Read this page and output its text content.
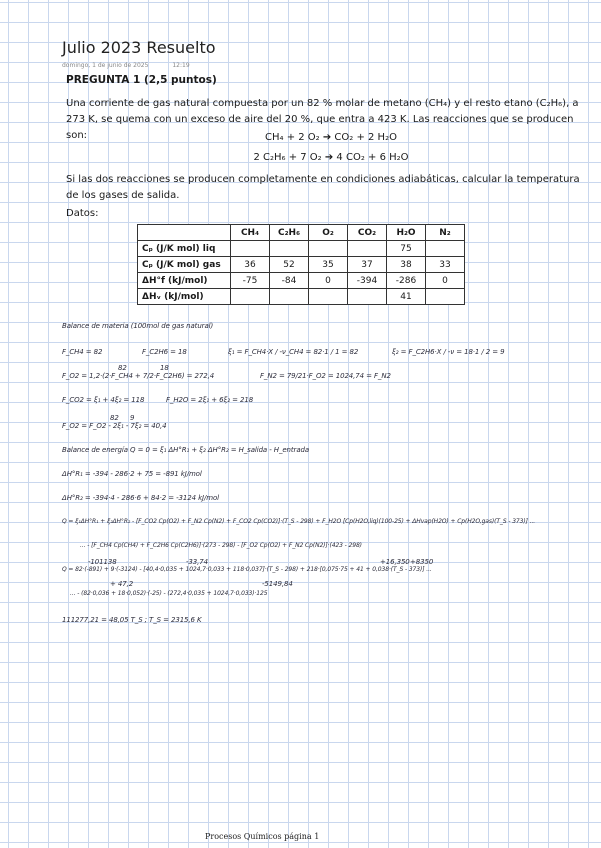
Julio 2023 Resuelto
domingo, 1 de junio de 2025	12:19
PREGUNTA 1 (2,5 puntos)
Una corriente de gas natural compuesta por un 82 % molar de metano (CH₄) y el resto etano (C₂H₆), a 273 K, se quema con un exceso de aire del 20 %, que entra a 423 K. Las reacciones que se producen son:	CH₄ + 2 O₂ ➔ CO₂ + 2 H₂O
2 C₂H₆ + 7 O₂ ➔ 4 CO₂ + 6 H₂O
Si las dos reacciones se producen completamente en condiciones adiabáticas, calcular la temperatura de los gases de salida.
Datos:
	CH₄	C₂H₆	O₂	CO₂	H₂O	N₂
Cₚ (J/K mol) liq					75	
Cₚ (J/K mol) gas	36	52	35	37	38	33
ΔH°f (kJ/mol)	-75	-84	0	-394	-286	0
ΔHᵥ (kJ/mol)					41	
Balance de materia (100mol de gas natural)
F_CH4 = 82	F_C2H6 = 18	ξ₁ = F_CH4·X / -ν_CH4 = 82·1 / 1 = 82	ξ₂ = F_C2H6·X / -ν = 18·1 / 2 = 9
82	18
F_O2 = 1,2·(2·F_CH4 + 7/2·F_C2H6) = 272,4	F_N2 = 79/21·F_O2 = 1024,74 = F_N2
F_CO2 = ξ₁ + 4ξ₂ = 118	F_H2O = 2ξ₁ + 6ξ₂ = 218
82 9
F_O2 = F_O2 - 2ξ₁ - 7ξ₂ = 40,4
Balance de energía Q = 0 = ξ₁ ΔH°R₁ + ξ₂ ΔH°R₂ = H_salida - H_entrada
ΔH°R₁ = -394 - 286·2 + 75 = -891 kJ/mol
ΔH°R₂ = -394·4 - 286·6 + 84·2 = -3124 kJ/mol
Q = ξ₁ΔH°R₁ + ξ₂ΔH°R₂ - [F_CO2 Cp(O2) + F_N2 Cp(N2) + F_CO2 Cp(CO2)]·(T_S - 298) + F_H2O [Cp(H2O,liq)(100-25) + ΔHvap(H2O) + Cp(H2O,gas)(T_S - 373)] ...
... - [F_CH4 Cp(CH4) + F_C2H6 Cp(C2H6)]·(273 - 298) - [F_O2 Cp(O2) + F_N2 Cp(N2)]·(423 - 298)
-101138	-33,74	+16,350 +8350
Q = 82·(-891) + 9·(-3124) - [40,4·0,035 + 1024,7·0,033 + 118·0,037]·(T_S - 298) + 218·[0,075·75 + 41 + 0,038·(T_S - 373)] ...
+ 47,2	-5149,84
... - (82·0,036 + 18·0,052)·(-25) - (272,4·0,035 + 1024,7·0,033)·125
111277,21 = 48,05 T_S ; T_S = 2315,6 K
Procesos Químicos página 1
